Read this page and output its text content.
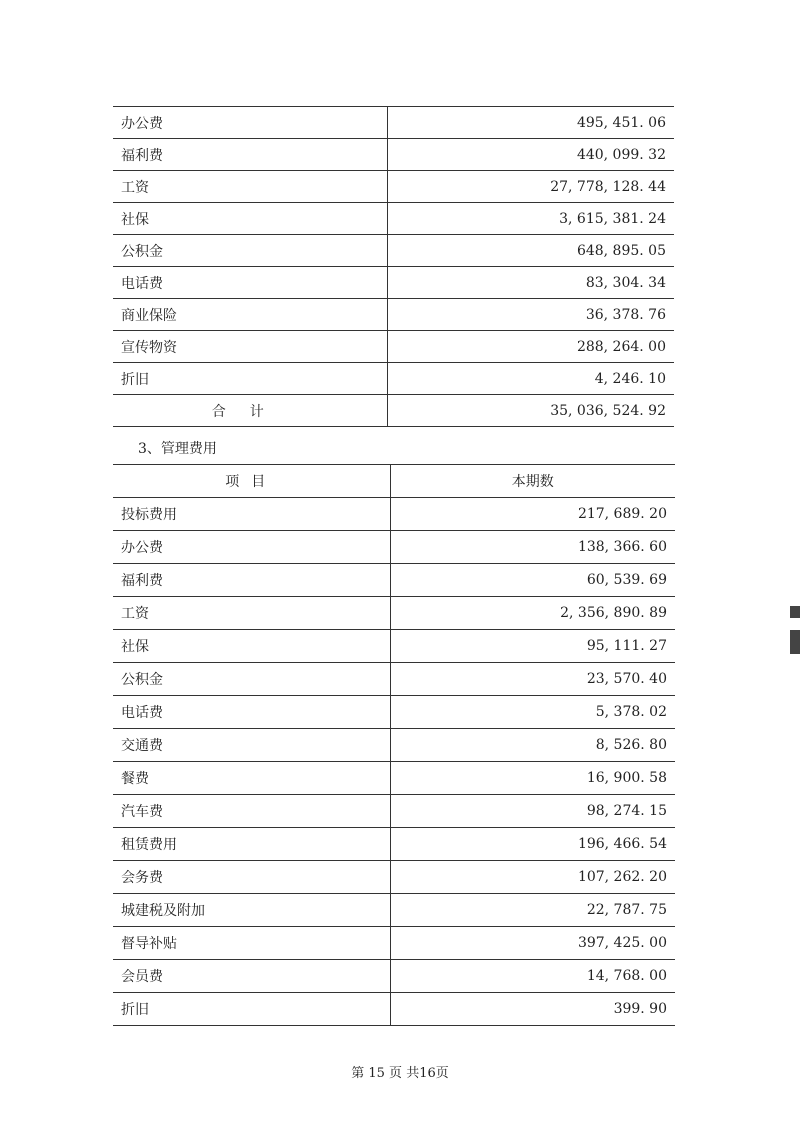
办公费	495, 451. 06
福利费	440, 099. 32
工资	27, 778, 128. 44
社保	3, 615, 381. 24
公积金	648, 895. 05
电话费	83, 304. 34
商业保险	36, 378. 76
宣传物资	288, 264. 00
折旧	4, 246. 10
合计	35, 036, 524. 92
3、管理费用
项目	本期数
投标费用	217, 689. 20
办公费	138, 366. 60
福利费	60, 539. 69
工资	2, 356, 890. 89
社保	95, 111. 27
公积金	23, 570. 40
电话费	5, 378. 02
交通费	8, 526. 80
餐费	16, 900. 58
汽车费	98, 274. 15
租赁费用	196, 466. 54
会务费	107, 262. 20
城建税及附加	22, 787. 75
督导补贴	397, 425. 00
会员费	14, 768. 00
折旧	399. 90
第 15 页 共16页
